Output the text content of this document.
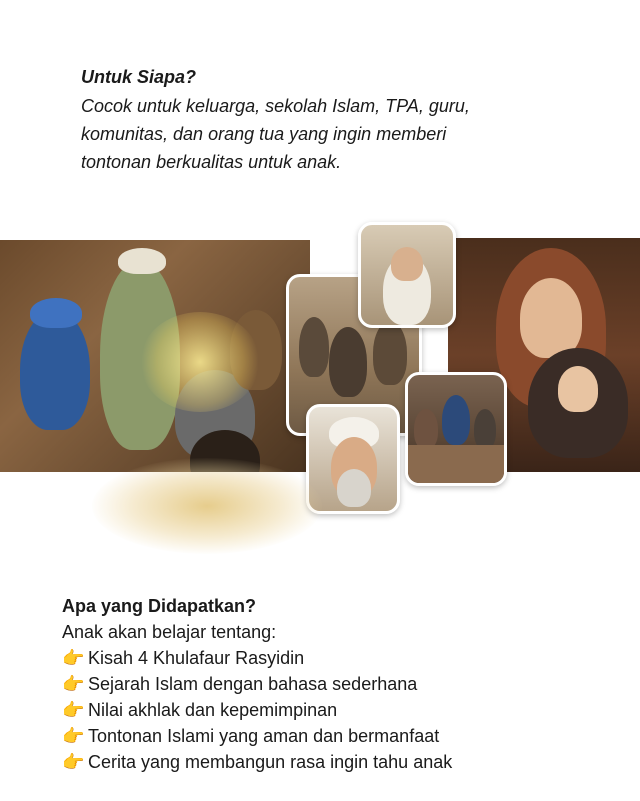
Untuk Siapa?
Cocok untuk keluarga, sekolah Islam, TPA, guru,
komunitas, dan orang tua yang ingin memberi
tontonan berkualitas untuk anak.
Apa yang Didapatkan?
Anak akan belajar tentang:
👉 Kisah 4 Khulafaur Rasyidin
👉 Sejarah Islam dengan bahasa sederhana
👉 Nilai akhlak dan kepemimpinan
👉 Tontonan Islami yang aman dan bermanfaat
👉 Cerita yang membangun rasa ingin tahu anak
